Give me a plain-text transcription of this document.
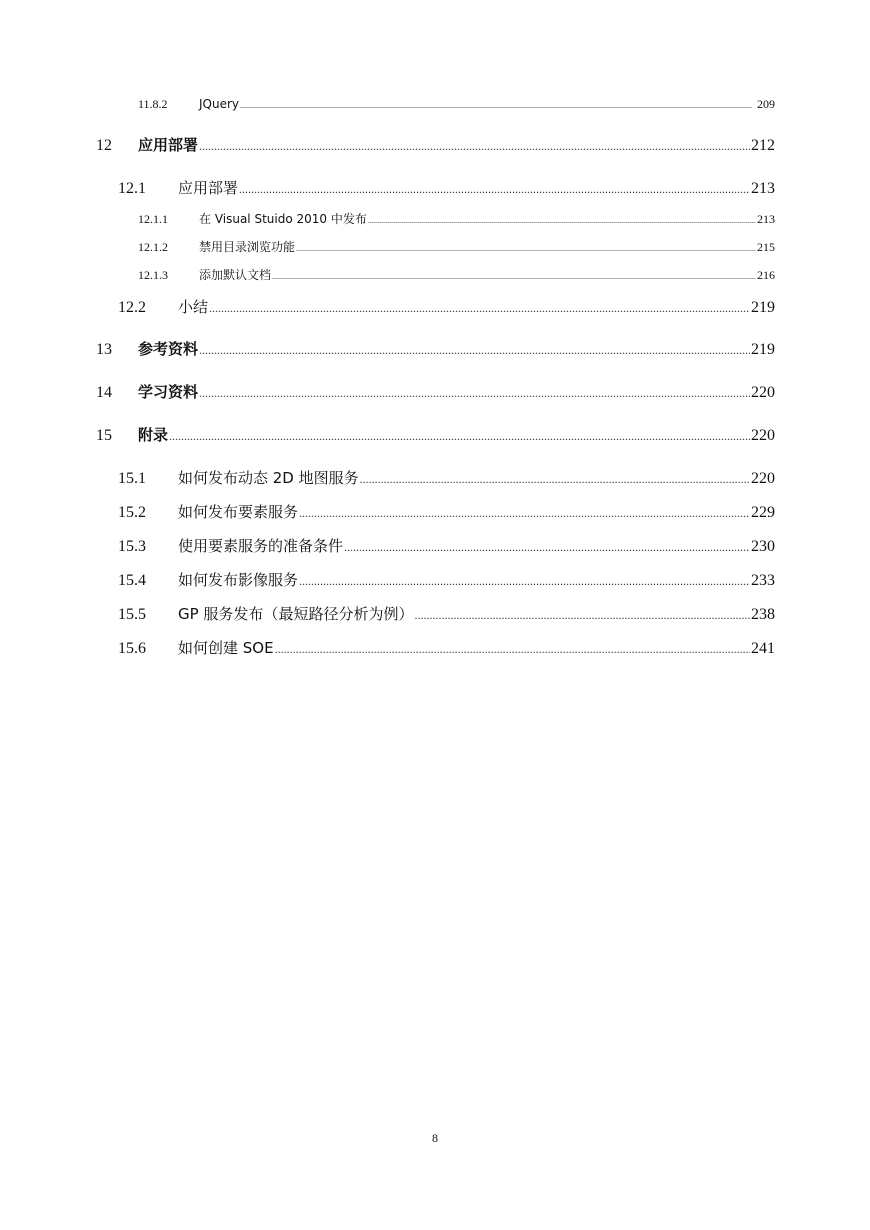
11.8.2	JQuery .....	209
12	应用部署 .....	212
12.1	应用部署 .....	213
12.1.1	在 Visual Stuido 2010 中发布 .....	213
12.1.2	禁用目录浏览功能 .....	215
12.1.3	添加默认文档 .....	216
12.2	小结 .....	219
13	参考资料 .....	219
14	学习资料 .....	220
15	附录 .....	220
15.1	如何发布动态 2D 地图服务 .....	220
15.2	如何发布要素服务 .....	229
15.3	使用要素服务的准备条件 .....	230
15.4	如何发布影像服务 .....	233
15.5	GP 服务发布（最短路径分析为例） .....	238
15.6	如何创建 SOE .....	241
8
